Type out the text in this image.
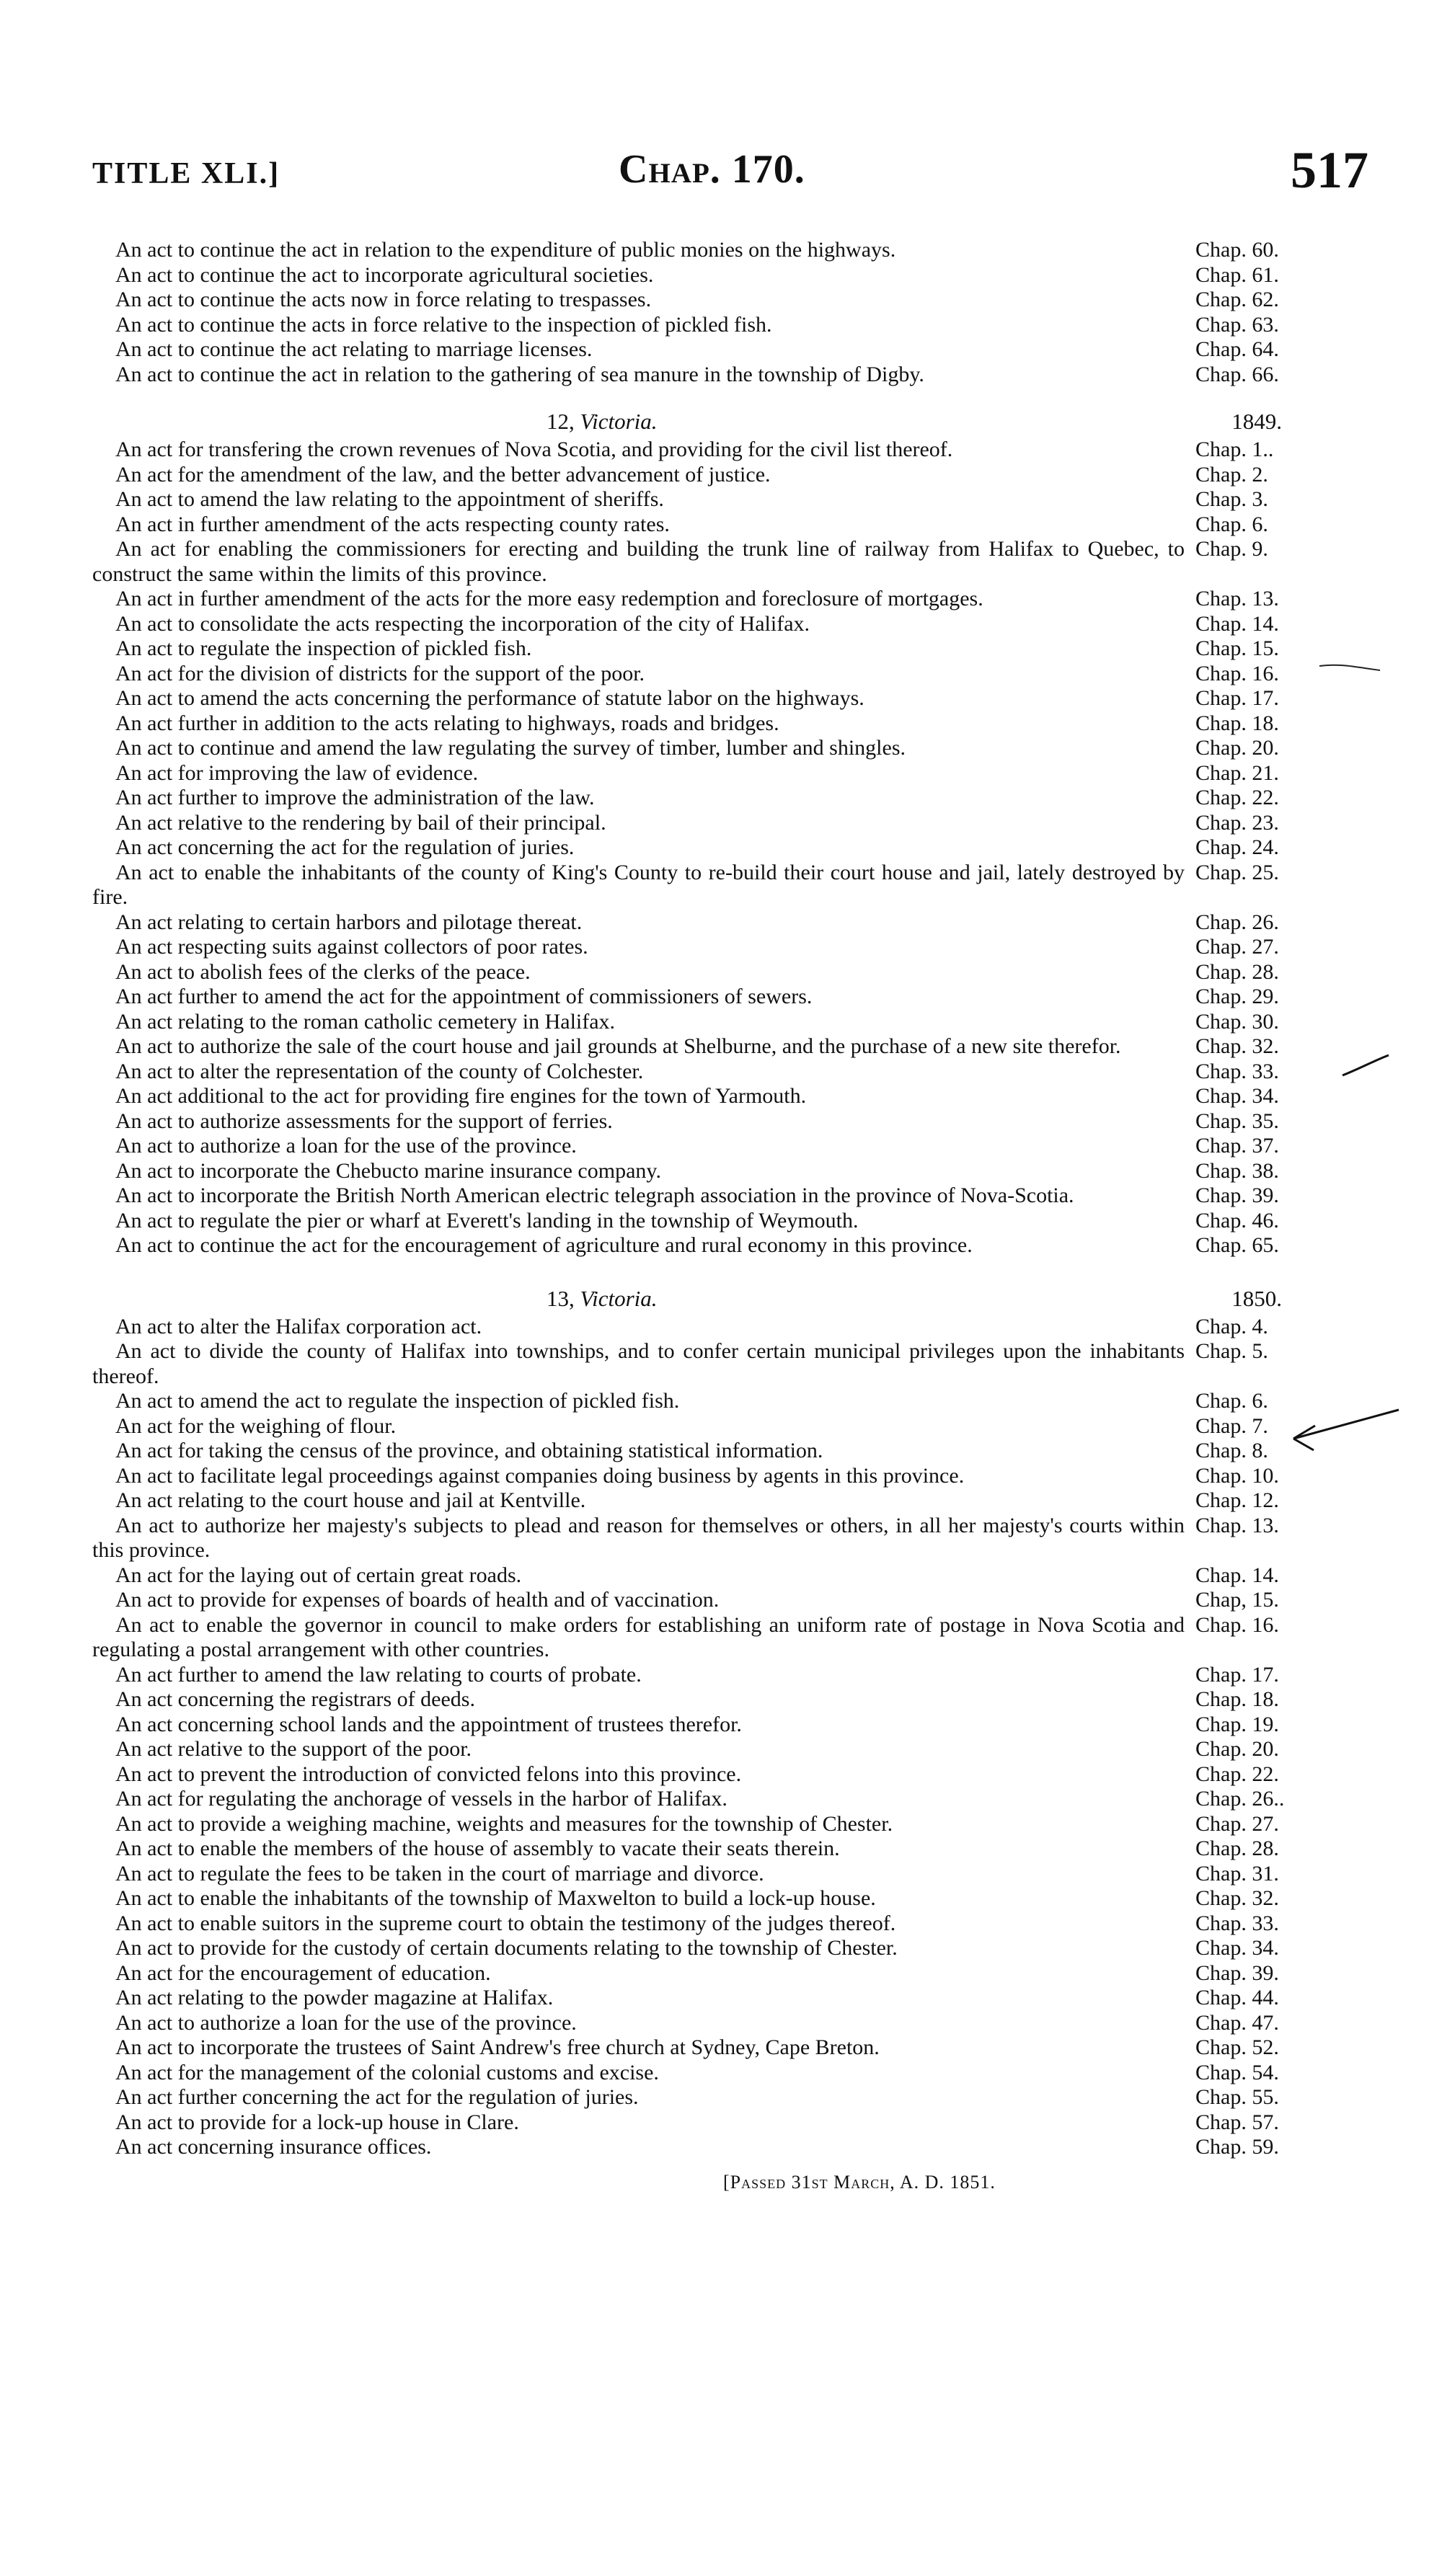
TITLE XLI.]	Chap. 170.	517
An act to continue the act in relation to the expenditure of public monies on the highways.	Chap. 60.
An act to continue the act to incorporate agricultural societies.	Chap. 61.
An act to continue the acts now in force relating to trespasses.	Chap. 62.
An act to continue the acts in force relative to the inspection of pickled fish.	Chap. 63.
An act to continue the act relating to marriage licenses.	Chap. 64.
An act to continue the act in relation to the gathering of sea manure in the township of Digby.	Chap. 66.
12, Victoria.	1849.
An act for transfering the crown revenues of Nova Scotia, and providing for the civil list thereof.	Chap. 1..
An act for the amendment of the law, and the better advancement of justice.	Chap. 2.
An act to amend the law relating to the appointment of sheriffs.	Chap. 3.
An act in further amendment of the acts respecting county rates.	Chap. 6.
An act for enabling the commissioners for erecting and building the trunk line of railway from Halifax to Quebec, to construct the same within the limits of this province.
Chap. 9.
An act in further amendment of the acts for the more easy redemption and foreclosure of mortgages.	Chap. 13.
An act to consolidate the acts respecting the incorporation of the city of Halifax.	Chap. 14.
An act to regulate the inspection of pickled fish.	Chap. 15.
An act for the division of districts for the support of the poor.	Chap. 16.
An act to amend the acts concerning the performance of statute labor on the highways.	Chap. 17.
An act further in addition to the acts relating to highways, roads and bridges.	Chap. 18.
An act to continue and amend the law regulating the survey of timber, lumber and shingles.	Chap. 20.
An act for improving the law of evidence.	Chap. 21.
An act further to improve the administration of the law.	Chap. 22.
An act relative to the rendering by bail of their principal.	Chap. 23.
An act concerning the act for the regulation of juries.	Chap. 24.
An act to enable the inhabitants of the county of King's County to re-build their court house and jail, lately destroyed by fire.
Chap. 25.
An act relating to certain harbors and pilotage thereat.	Chap. 26.
An act respecting suits against collectors of poor rates.	Chap. 27.
An act to abolish fees of the clerks of the peace.	Chap. 28.
An act further to amend the act for the appointment of commissioners of sewers.	Chap. 29.
An act relating to the roman catholic cemetery in Halifax.	Chap. 30.
An act to authorize the sale of the court house and jail grounds at Shelburne, and the purchase of a new site therefor.	Chap. 32.
An act to alter the representation of the county of Colchester.	Chap. 33.
An act additional to the act for providing fire engines for the town of Yarmouth.	Chap. 34.
An act to authorize assessments for the support of ferries.	Chap. 35.
An act to authorize a loan for the use of the province.	Chap. 37.
An act to incorporate the Chebucto marine insurance company.	Chap. 38.
An act to incorporate the British North American electric telegraph association in the province of Nova-Scotia.	Chap. 39.
An act to regulate the pier or wharf at Everett's landing in the township of Weymouth.	Chap. 46.
An act to continue the act for the encouragement of agriculture and rural economy in this province.	Chap. 65.
13, Victoria.	1850.
An act to alter the Halifax corporation act.	Chap. 4.
An act to divide the county of Halifax into townships, and to confer certain municipal privileges upon the inhabitants thereof.
Chap. 5.
An act to amend the act to regulate the inspection of pickled fish.	Chap. 6.
An act for the weighing of flour.	Chap. 7.
An act for taking the census of the province, and obtaining statistical information.	Chap. 8.
An act to facilitate legal proceedings against companies doing business by agents in this province.	Chap. 10.
An act relating to the court house and jail at Kentville.	Chap. 12.
An act to authorize her majesty's subjects to plead and reason for themselves or others, in all her majesty's courts within this province.
Chap. 13.
An act for the laying out of certain great roads.	Chap. 14.
An act to provide for expenses of boards of health and of vaccination.	Chap, 15.
An act to enable the governor in council to make orders for establishing an uniform rate of postage in Nova Scotia and regulating a postal arrangement with other countries.
Chap. 16.
An act further to amend the law relating to courts of probate.	Chap. 17.
An act concerning the registrars of deeds.	Chap. 18.
An act concerning school lands and the appointment of trustees therefor.	Chap. 19.
An act relative to the support of the poor.	Chap. 20.
An act to prevent the introduction of convicted felons into this province.	Chap. 22.
An act for regulating the anchorage of vessels in the harbor of Halifax.	Chap. 26..
An act to provide a weighing machine, weights and measures for the township of Chester.	Chap. 27.
An act to enable the members of the house of assembly to vacate their seats therein.	Chap. 28.
An act to regulate the fees to be taken in the court of marriage and divorce.	Chap. 31.
An act to enable the inhabitants of the township of Maxwelton to build a lock-up house.	Chap. 32.
An act to enable suitors in the supreme court to obtain the testimony of the judges thereof.	Chap. 33.
An act to provide for the custody of certain documents relating to the township of Chester.	Chap. 34.
An act for the encouragement of education.	Chap. 39.
An act relating to the powder magazine at Halifax.	Chap. 44.
An act to authorize a loan for the use of the province.	Chap. 47.
An act to incorporate the trustees of Saint Andrew's free church at Sydney, Cape Breton.	Chap. 52.
An act for the management of the colonial customs and excise.	Chap. 54.
An act further concerning the act for the regulation of juries.	Chap. 55.
An act to provide for a lock-up house in Clare.	Chap. 57.
An act concerning insurance offices.	Chap. 59.
[Passed 31st March, A. D. 1851.
